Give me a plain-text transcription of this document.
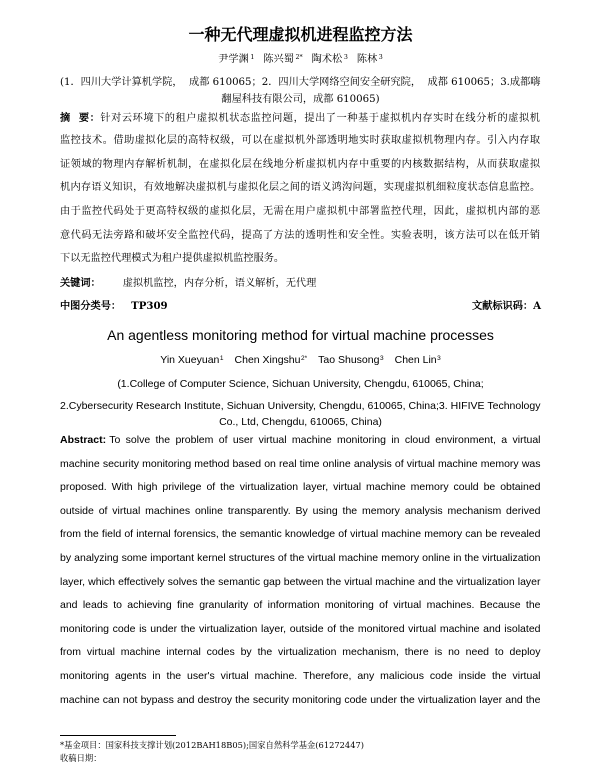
一种无代理虚拟机进程监控方法
尹学渊 $^1$ 陈兴蜀 $^{2*}$ 陶术松 $^3$ 陈林 $^3$
(1．四川大学计算机学院，  成都 610065；2．四川大学网络空间安全研究院，  成都 610065；3.成都嗨
翻屋科技有限公司，成都 610065)
摘  要：针对云环境下的租户虚拟机状态监控问题，提出了一种基于虚拟机内存实时在线分析的虚拟机
监控技术。借助虚拟化层的高特权级，可以在虚拟机外部透明地实时获取虚拟机物理内存。引入内存取
证领域的物理内存解析机制，在虚拟化层在线地分析虚拟机内存中重要的内核数据结构，从而获取虚拟
机内存语义知识，有效地解决虚拟机与虚拟化层之间的语义鸿沟问题，实现虚拟机细粒度状态信息监控。
由于监控代码处于更高特权级的虚拟化层，无需在用户虚拟机中部署监控代理，因此，虚拟机内部的恶
意代码无法旁路和破坏安全监控代码，提高了方法的透明性和安全性。实验表明，该方法可以在低开销
下以无监控代理模式为租户提供虚拟机监控服务。
关键词： 虚拟机监控，内存分析，语义解析，无代理
中图分类号： TP309	文献标识码：A
An agentless monitoring method for virtual machine processes
Yin Xueyuan$^1$ Chen Xingshu$^{2*}$ Tao Shusong$^3$ Chen Lin$^3$
(1.College of Computer Science, Sichuan University, Chengdu, 610065, China;
2.Cybersecurity Research Institute, Sichuan University, Chengdu, 610065, China;3. HIFIVE Technology
Co., Ltd, Chengdu, 610065, China)
Abstract: To solve the problem of user virtual machine monitoring in cloud environment, a virtual
machine security monitoring method based on real time online analysis of virtual machine memory was
proposed. With high privilege of the virtualization layer, virtual machine memory could be obtained
outside of virtual machines online transparently. By using the memory analysis mechanism derived
from the field of internal forensics, the semantic knowledge of virtual machine memory can be revealed
by analyzing some important kernel structures of the virtual machine memory online in the virtualization
layer, which effectively solves the semantic gap between the virtual machine and the virtualization layer
and leads to achieving fine granularity of information monitoring of virtual machines. Because the
monitoring code is under the virtualization layer, outside of the monitored virtual machine and isolated
from virtual machine internal codes by the virtualization mechanism, there is no need to deploy
monitoring agents in the user's virtual machine. Therefore, any malicious code inside the virtual
machine can not bypass and destroy the security monitoring code under the virtualization layer and the
*基金项目：国家科技支撑计划(2012BAH18B05);国家自然科学基金(61272447)
收稿日期：
